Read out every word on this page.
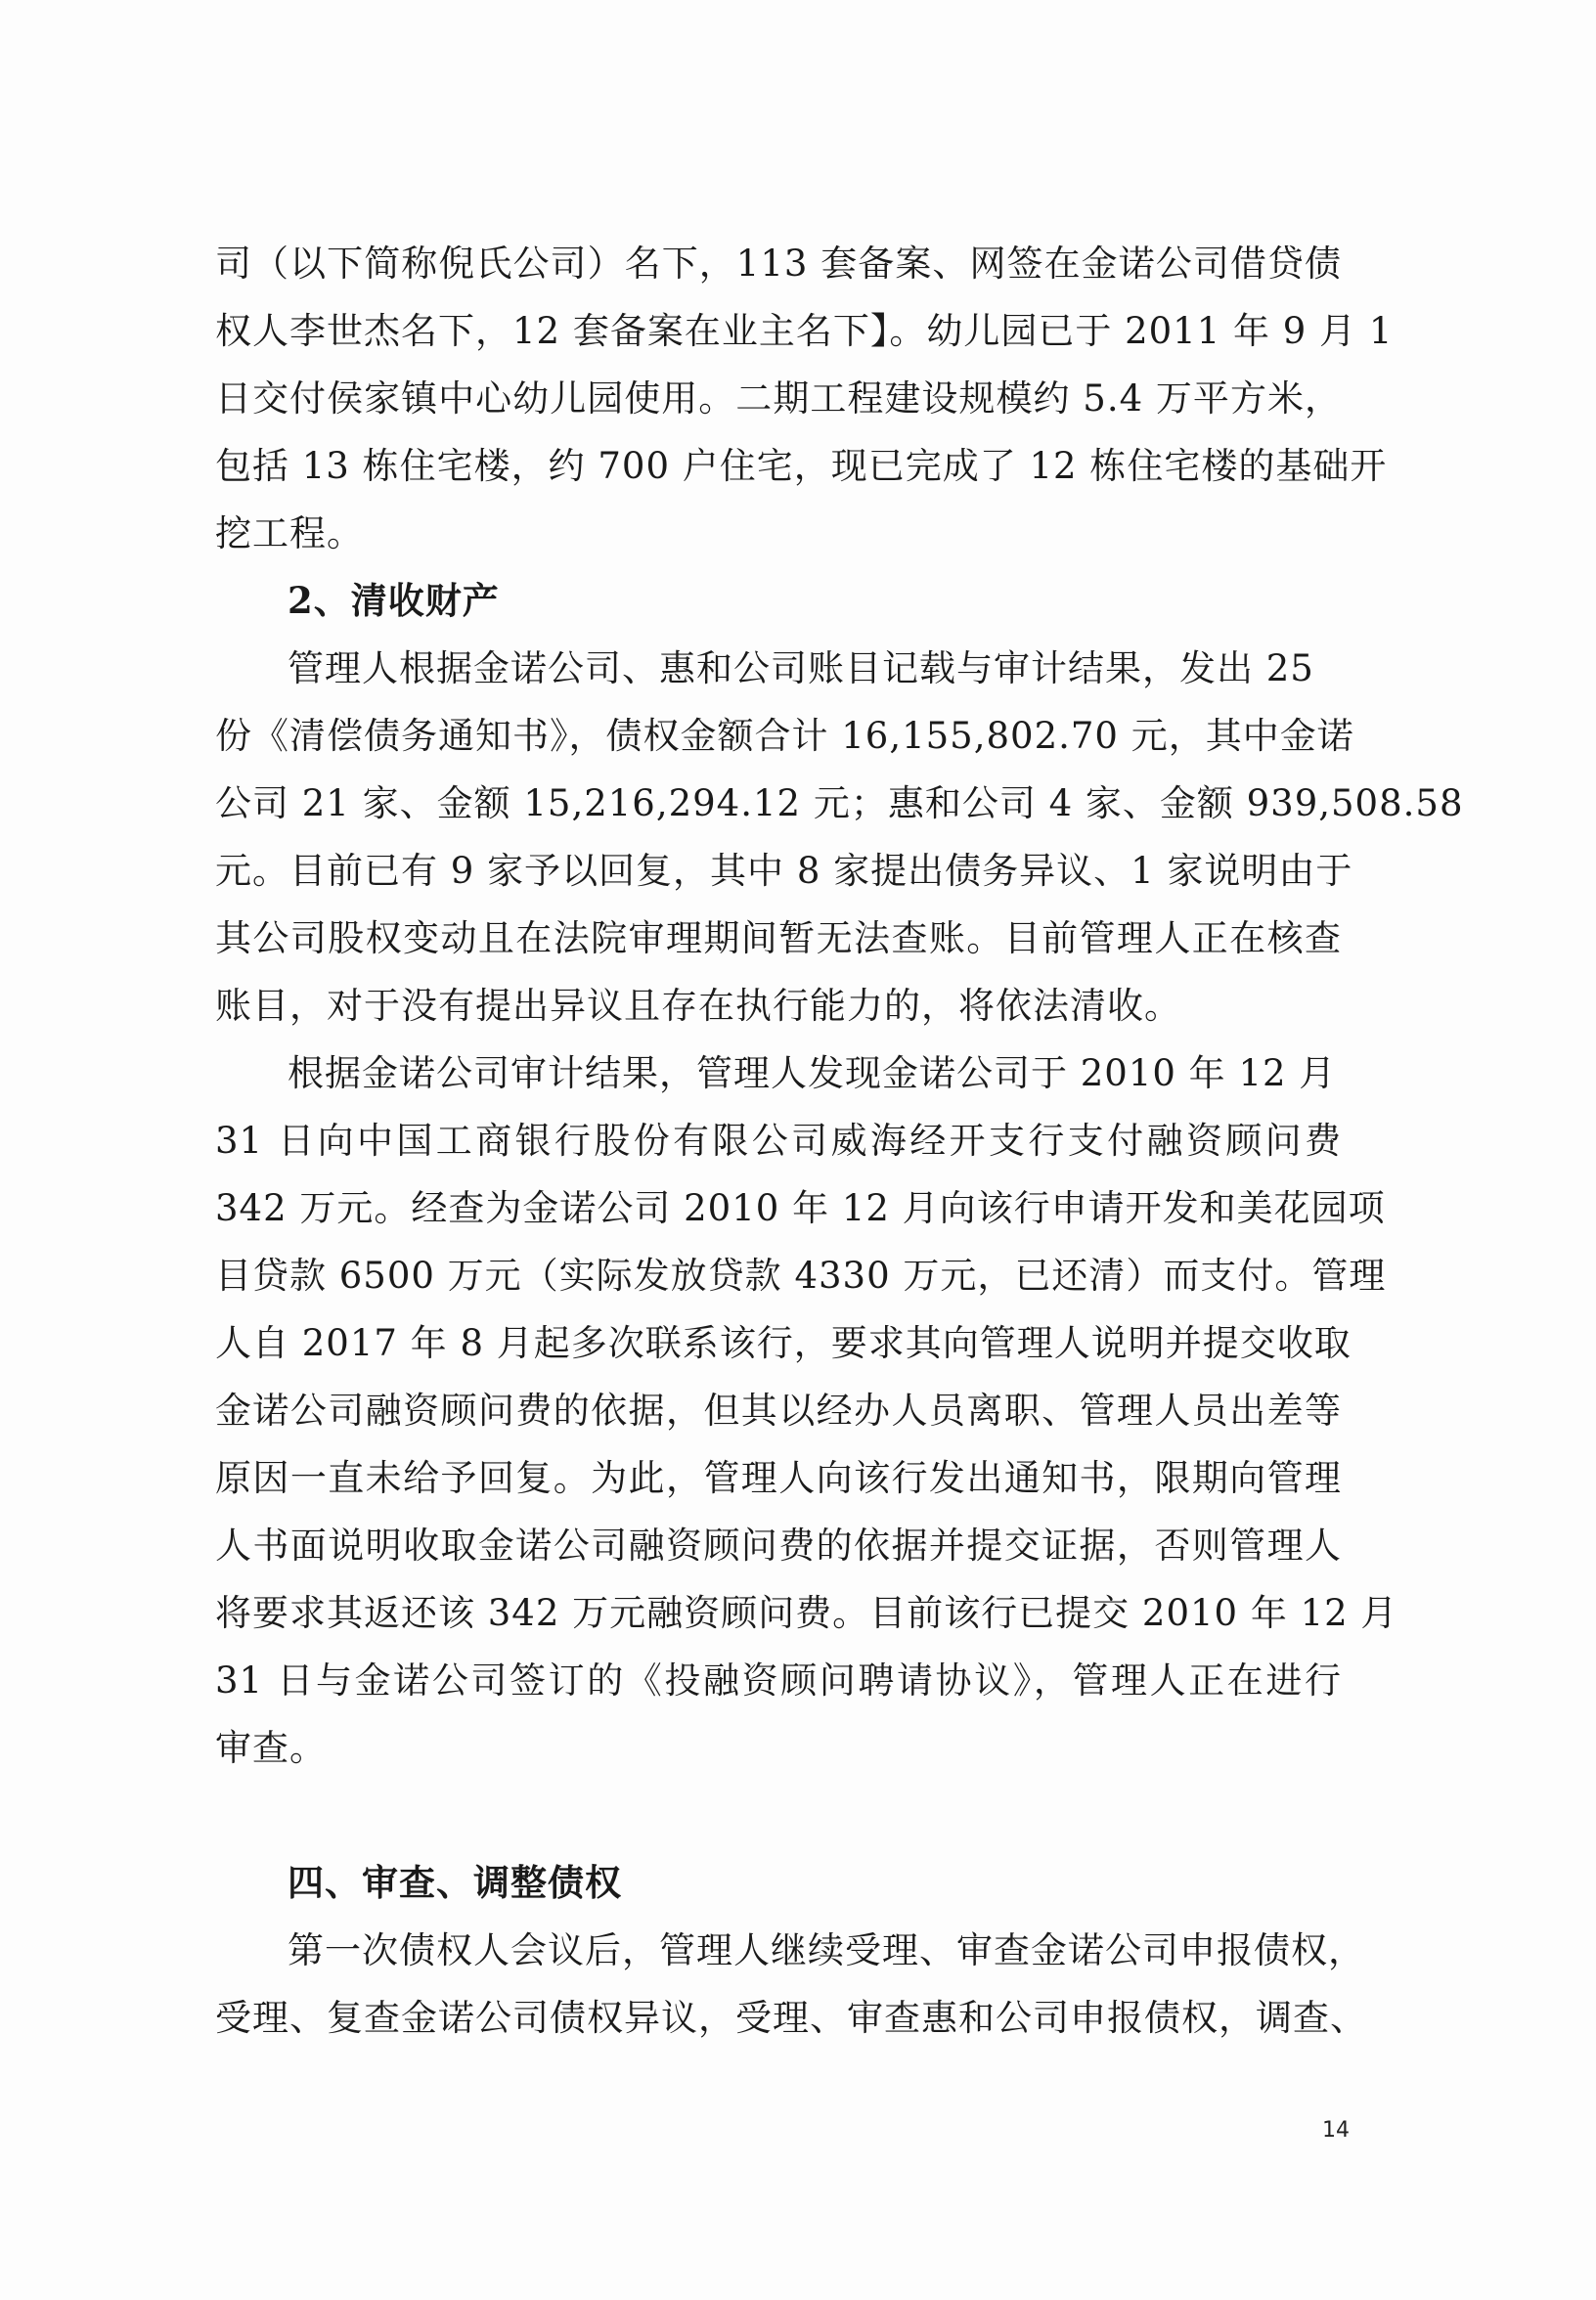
司（以下简称倪氏公司）名下，113 套备案、网签在金诺公司借贷债
权人李世杰名下，12 套备案在业主名下】。幼儿园已于 2011 年 9 月 1
日交付侯家镇中心幼儿园使用。二期工程建设规模约 5.4 万平方米，
包括 13 栋住宅楼，约 700 户住宅，现已完成了 12 栋住宅楼的基础开
挖工程。
2、清收财产
管理人根据金诺公司、惠和公司账目记载与审计结果，发出 25
份《清偿债务通知书》，债权金额合计 16,155,802.70 元，其中金诺
公司 21 家、金额 15,216,294.12 元；惠和公司 4 家、金额 939,508.58
元。目前已有 9 家予以回复，其中 8 家提出债务异议、1 家说明由于
其公司股权变动且在法院审理期间暂无法查账。目前管理人正在核查
账目，对于没有提出异议且存在执行能力的，将依法清收。
根据金诺公司审计结果，管理人发现金诺公司于 2010 年 12 月
31 日向中国工商银行股份有限公司威海经开支行支付融资顾问费
342 万元。经查为金诺公司 2010 年 12 月向该行申请开发和美花园项
目贷款 6500 万元（实际发放贷款 4330 万元，已还清）而支付。管理
人自 2017 年 8 月起多次联系该行，要求其向管理人说明并提交收取
金诺公司融资顾问费的依据，但其以经办人员离职、管理人员出差等
原因一直未给予回复。为此，管理人向该行发出通知书，限期向管理
人书面说明收取金诺公司融资顾问费的依据并提交证据，否则管理人
将要求其返还该 342 万元融资顾问费。目前该行已提交 2010 年 12 月
31 日与金诺公司签订的《投融资顾问聘请协议》，管理人正在进行
审查。
四、审查、调整债权
第一次债权人会议后，管理人继续受理、审查金诺公司申报债权，
受理、复查金诺公司债权异议，受理、审查惠和公司申报债权，调查、
14
